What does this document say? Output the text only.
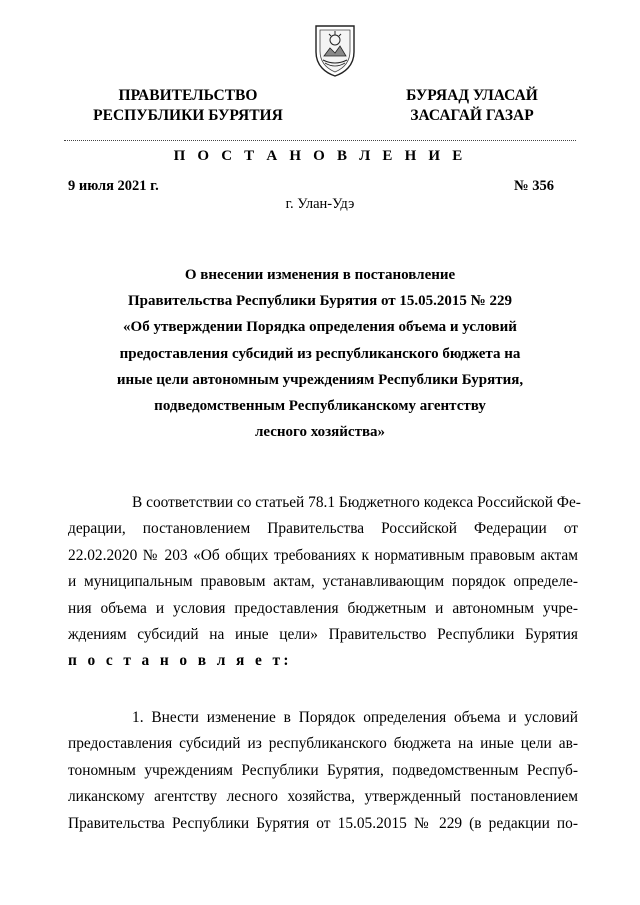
ПРАВИТЕЛЬСТВО
РЕСПУБЛИКИ БУРЯТИЯ
БУРЯАД УЛАСАЙ
ЗАСАГАЙ ГАЗАР
П О С Т А Н О В Л Е Н И Е
9 июля 2021 г.	№ 356
г. Улан-Удэ
О внесении изменения в постановление
Правительства Республики Бурятия от 15.05.2015 № 229
«Об утверждении Порядка определения объема и условий
предоставления субсидий из республиканского бюджета на
иные цели автономным учреждениям Республики Бурятия,
подведомственным Республиканскому агентству
лесного хозяйства»
В соответствии со статьей 78.1 Бюджетного кодекса Российской Фе-
дерации, постановлением Правительства Российской Федерации от
22.02.2020 № 203 «Об общих требованиях к нормативным правовым актам
и муниципальным правовым актам, устанавливающим порядок определе-
ния объема и условия предоставления бюджетным и автономным учре-
ждениям субсидий на иные цели» Правительство Республики Бурятия
п о с т а н о в л я е т:
1. Внести изменение в Порядок определения объема и условий
предоставления субсидий из республиканского бюджета на иные цели ав-
тономным учреждениям Республики Бурятия, подведомственным Респуб-
ликанскому агентству лесного хозяйства, утвержденный постановлением
Правительства Республики Бурятия от 15.05.2015 № 229 (в редакции по-
